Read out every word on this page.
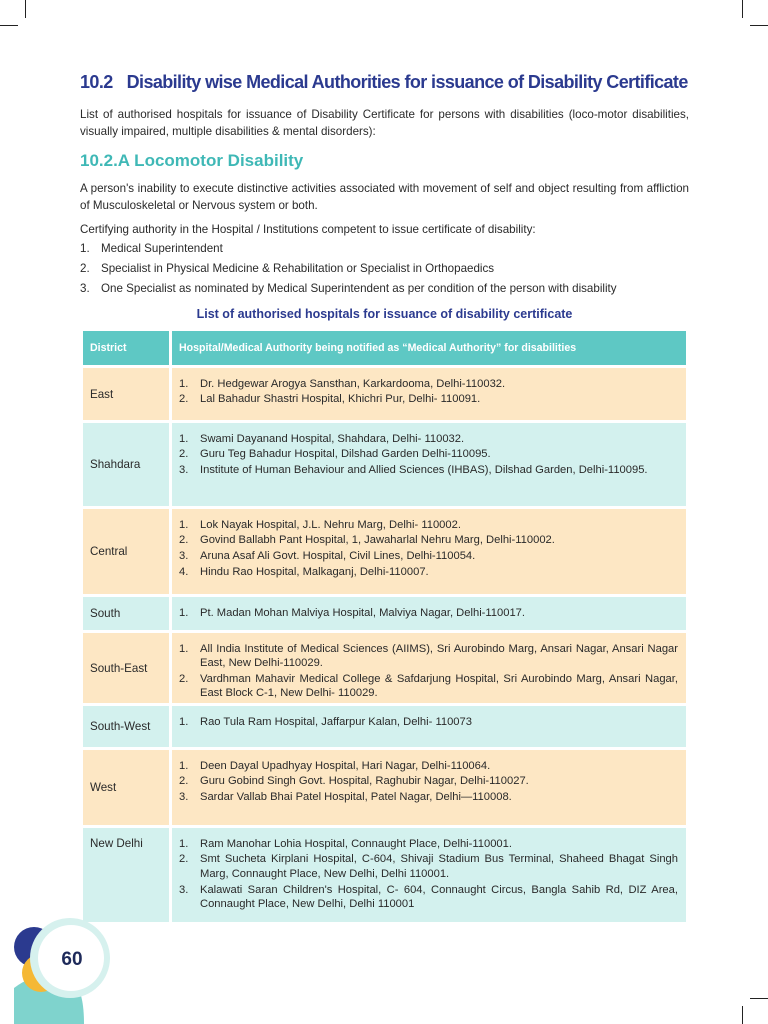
10.2 Disability wise Medical Authorities for issuance of Disability Certificate

List of authorised hospitals for issuance of Disability Certificate for persons with disabilities (loco-motor disabilities, visually impaired, multiple disabilities & mental disorders):

10.2.A Locomotor Disability

A person's inability to execute distinctive activities associated with movement of self and object resulting from affliction of Musculoskeletal or Nervous system or both.

Certifying authority in the Hospital / Institutions competent to issue certificate of disability:

1. Medical Superintendent
2. Specialist in Physical Medicine & Rehabilitation or Specialist in Orthopaedics
3. One Specialist as nominated by Medical Superintendent as per condition of the person with disability

List of authorised hospitals for issuance of disability certificate

District	Hospital/Medical Authority being notified as “Medical Authority” for disabilities
East
1.	Dr. Hedgewar Arogya Sansthan, Karkardooma, Delhi-110032.
2.	Lal Bahadur Shastri Hospital, Khichri Pur, Delhi- 110091.
Shahdara
1.	Swami Dayanand Hospital, Shahdara, Delhi- 110032.
2.	Guru Teg Bahadur Hospital, Dilshad Garden Delhi-110095.
3.	Institute of Human Behaviour and Allied Sciences (IHBAS), Dilshad Garden, Delhi-110095.
Central
1.	Lok Nayak Hospital, J.L. Nehru Marg, Delhi- 110002.
2.	Govind Ballabh Pant Hospital, 1, Jawaharlal Nehru Marg, Delhi-110002.
3.	Aruna Asaf Ali Govt. Hospital, Civil Lines, Delhi-110054.
4.	Hindu Rao Hospital, Malkaganj, Delhi-110007.
South	1.	Pt. Madan Mohan Malviya Hospital, Malviya Nagar, Delhi-110017.
South-East
1.	All India Institute of Medical Sciences (AIIMS), Sri Aurobindo Marg, Ansari Nagar, Ansari Nagar East, New Delhi-110029.
2.	Vardhman Mahavir Medical College & Safdarjung Hospital, Sri Aurobindo Marg, Ansari Nagar, East Block C-1, New Delhi- 110029.
South-West	1.	Rao Tula Ram Hospital, Jaffarpur Kalan, Delhi- 110073
West
1.	Deen Dayal Upadhyay Hospital, Hari Nagar, Delhi-110064.
2.	Guru Gobind Singh Govt. Hospital, Raghubir Nagar, Delhi-110027.
3.	Sardar Vallab Bhai Patel Hospital, Patel Nagar, Delhi—110008.
New Delhi	1.	Ram Manohar Lohia Hospital, Connaught Place, Delhi-110001.
2.	Smt Sucheta Kirplani Hospital, C-604, Shivaji Stadium Bus Terminal, Shaheed Bhagat Singh Marg, Connaught Place, New Delhi, Delhi 110001.
3.	Kalawati Saran Children's Hospital, C- 604, Connaught Circus, Bangla Sahib Rd, DIZ Area, Connaught Place, New Delhi, Delhi 110001
60
